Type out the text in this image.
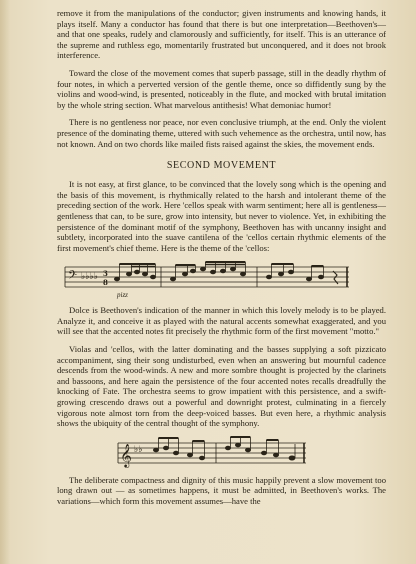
remove it from the manipulations of the conductor; given instruments and knowing hands, it plays itself. Many a conductor has found that there is but one interpretation—Beethoven's—and that one speaks, rudely and clamorously and sufficiently, for itself. This is an utterance of the supreme and ruthless ego, momentarily frustrated but unconquered, and it does not brook interference.

Toward the close of the movement comes that superb passage, still in the deadly rhythm of four notes, in which a perverted version of the gentle theme, once so diffidently sung by the violins and wood-wind, is presented, noticeably in the flute, and mocked with brutal imitation by the whole string section. What marvelous antithesis! What demoniac humor!

There is no gentleness nor peace, nor even conclusive triumph, at the end. Only the violent presence of the dominating theme, uttered with such vehemence as the orchestra, until now, has not known. And on two chords like mailed fists raised against the skies, the movement ends.

SECOND MOVEMENT

It is not easy, at first glance, to be convinced that the lovely song which is the opening and the basis of this movement, is rhythmically related to the harsh and intolerant theme of the preceding section of the work. Here 'cellos speak with warm sentiment; here all is gentleness—gentleness that can, to be sure, grow into intensity, but never to violence. Yet, in exhibiting the persistence of the dominant motif of the symphony, Beethoven has with uncanny insight and subtlety, incorporated into the suave cantilena of the 'cellos certain rhythmic elements of the first movement's chief theme. Here is the theme of the 'cellos:

𝄢 ♭♭♭♭ 3
8
pizz

Dolce is Beethoven's indication of the manner in which this lovely melody is to be played. Analyze it, and conceive it as played with the natural accents somewhat exaggerated, and you will see that the accented notes fit precisely the rhythmic form of the first movement "motto."

Violas and 'cellos, with the latter dominating and the basses supplying a soft pizzicato accompaniment, sing their song undisturbed, even when an answering but mournful cadence descends from the wood-winds. A new and more sombre thought is projected by the clarinets and bassoons, and here again the persistence of the four accented notes recalls dreadfully the knocking of Fate. The orchestra seems to grow impatient with this persistence, and a swift-growing crescendo draws out a powerful and downright protest, culminating in a fiercely vigorous note almost torn from the deep-voiced basses. But even here, a rhythmic analysis shows the ubiquity of the central thought of the symphony.

𝄞 ♭♭

The deliberate compactness and dignity of this music happily prevent a slow movement too long drawn out — as sometimes happens, it must be admitted, in Beethoven's works. The variations—which form this movement assumes—have the
